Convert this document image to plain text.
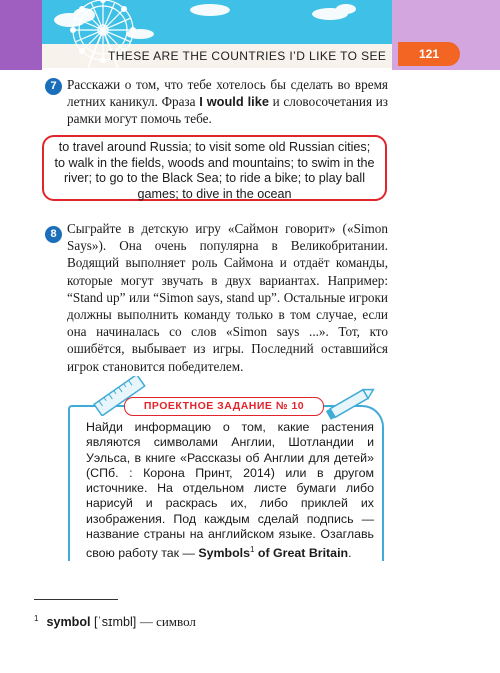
THESE ARE THE COUNTRIES I’D LIKE TO SEE	121
7 Расскажи о том, что тебе хотелось бы сделать во время летних каникул. Фраза I would like и словосочетания из рамки могут помочь тебе.
to travel around Russia; to visit some old Russian cities; to walk in the fields, woods and mountains; to swim in the river; to go to the Black Sea; to ride a bike; to play ball games; to dive in the ocean
8 Сыграйте в детскую игру «Саймон говорит» («Simon Says»). Она очень популярна в Великобритании. Водящий выполняет роль Саймона и отдаёт команды, которые могут звучать в двух вариантах. Например: “Stand up” или “Simon says, stand up”. Остальные игроки должны выполнить команду только в том случае, если она начиналась со слов «Simon says ...». Тот, кто ошибётся, выбывает из игры. Последний оставшийся игрок становится победителем.
ПРОЕКТНОЕ ЗАДАНИЕ № 10
Найди информацию о том, какие растения являются символами Англии, Шотландии и Уэльса, в книге «Рассказы об Англии для детей» (СПб. : Корона Принт, 2014) или в другом источнике. На отдельном листе бумаги либо нарисуй и раскрась их, либо приклей их изображения. Под каждым сделай подпись — название страны на английском языке. Озаглавь свою работу так — Symbols$^1$ of Great Britain.
$^1$ symbol [ˈsɪmbl] — символ
